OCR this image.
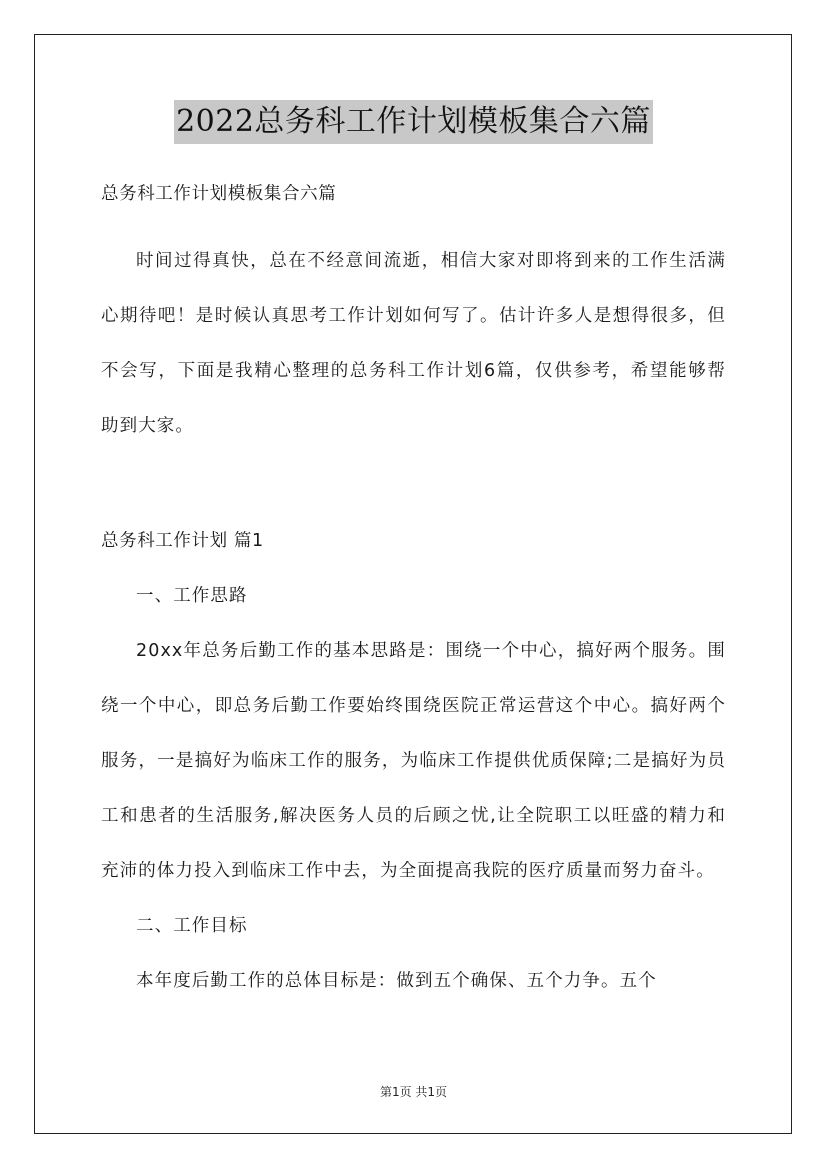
2022总务科工作计划模板集合六篇

总务科工作计划模板集合六篇

时间过得真快，总在不经意间流逝，相信大家对即将到来的工作生活满心期待吧！是时候认真思考工作计划如何写了。估计许多人是想得很多，但不会写，下面是我精心整理的总务科工作计划6篇，仅供参考，希望能够帮助到大家。

总务科工作计划 篇1

一、工作思路

20xx年总务后勤工作的基本思路是：围绕一个中心，搞好两个服务。围绕一个中心，即总务后勤工作要始终围绕医院正常运营这个中心。搞好两个服务，一是搞好为临床工作的服务，为临床工作提供优质保障;二是搞好为员工和患者的生活服务,解决医务人员的后顾之忧,让全院职工以旺盛的精力和充沛的体力投入到临床工作中去，为全面提高我院的医疗质量而努力奋斗。

二、工作目标

本年度后勤工作的总体目标是：做到五个确保、五个力争。五个

第1页 共1页
